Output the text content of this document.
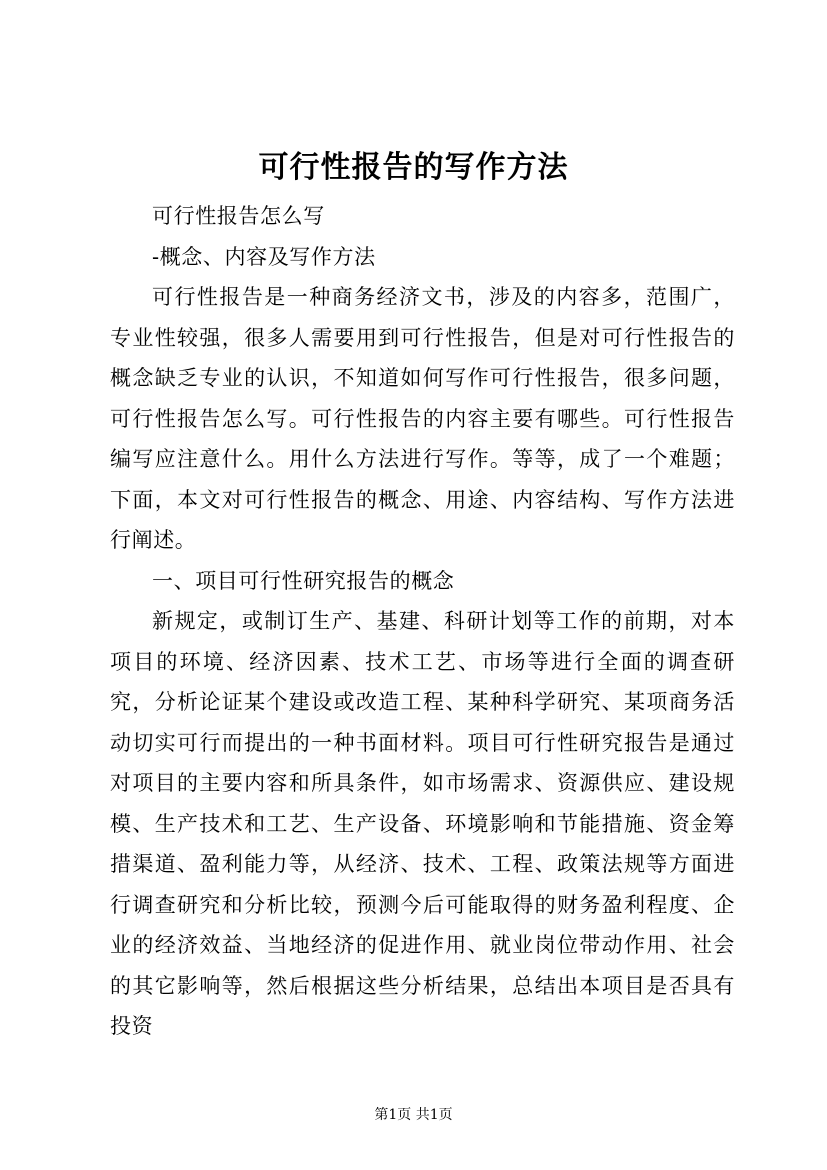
可行性报告的写作方法

可行性报告怎么写

-概念、内容及写作方法

可行性报告是一种商务经济文书，涉及的内容多，范围广，专业性较强，很多人需要用到可行性报告，但是对可行性报告的概念缺乏专业的认识，不知道如何写作可行性报告，很多问题，可行性报告怎么写。可行性报告的内容主要有哪些。可行性报告编写应注意什么。用什么方法进行写作。等等，成了一个难题；下面，本文对可行性报告的概念、用途、内容结构、写作方法进行阐述。

一、项目可行性研究报告的概念

新规定，或制订生产、基建、科研计划等工作的前期，对本项目的环境、经济因素、技术工艺、市场等进行全面的调查研究，分析论证某个建设或改造工程、某种科学研究、某项商务活动切实可行而提出的一种书面材料。项目可行性研究报告是通过对项目的主要内容和所具条件，如市场需求、资源供应、建设规模、生产技术和工艺、生产设备、环境影响和节能措施、资金筹措渠道、盈利能力等，从经济、技术、工程、政策法规等方面进行调查研究和分析比较，预测今后可能取得的财务盈利程度、企业的经济效益、当地经济的促进作用、就业岗位带动作用、社会的其它影响等，然后根据这些分析结果，总结出本项目是否具有投资

第1页 共1页
